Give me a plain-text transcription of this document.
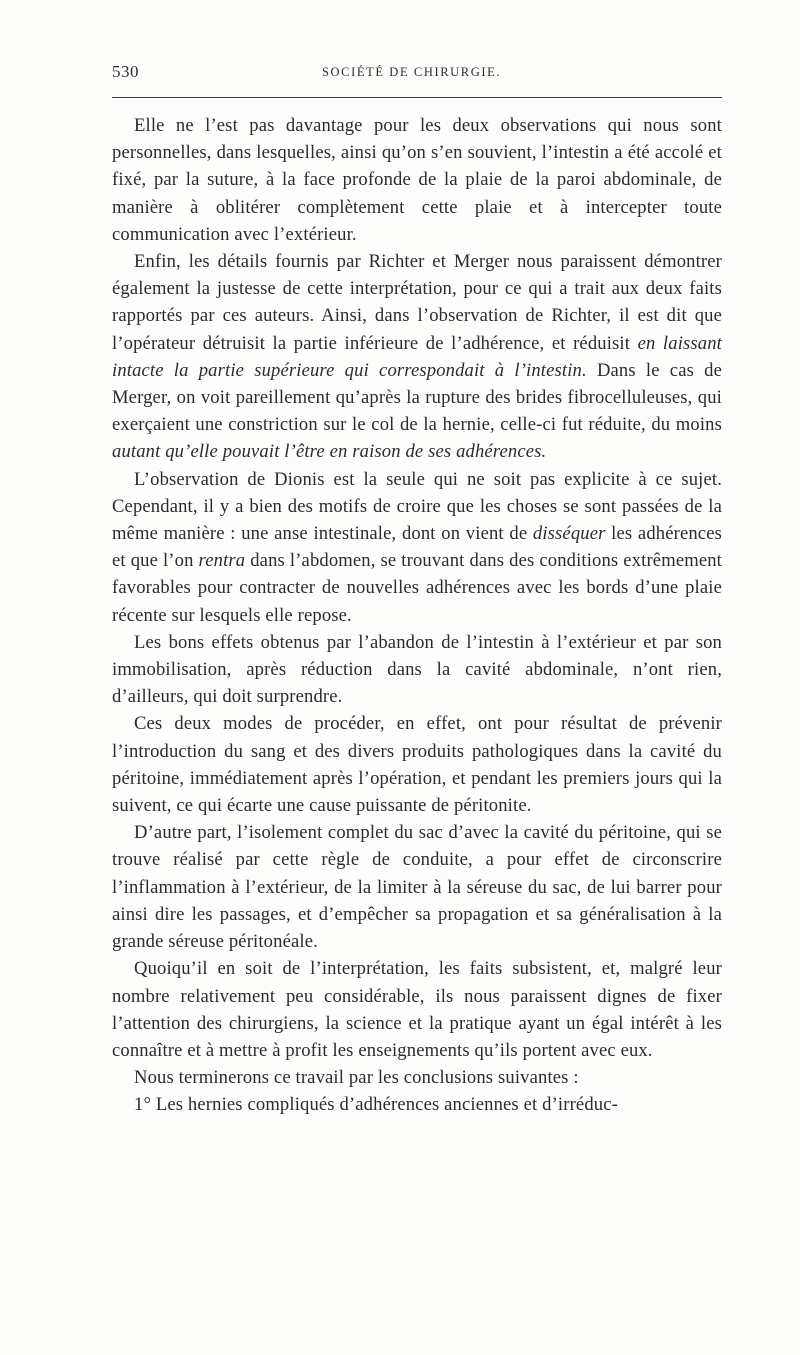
530	SOCIÉTÉ DE CHIRURGIE.

Elle ne l’est pas davantage pour les deux observations qui nous sont personnelles, dans lesquelles, ainsi qu’on s’en souvient, l’intestin a été accolé et fixé, par la suture, à la face profonde de la plaie de la paroi abdominale, de manière à oblitérer complètement cette plaie et à intercepter toute communication avec l’extérieur.

Enfin, les détails fournis par Richter et Merger nous paraissent démontrer également la justesse de cette interprétation, pour ce qui a trait aux deux faits rapportés par ces auteurs. Ainsi, dans l’observation de Richter, il est dit que l’opérateur détruisit la partie inférieure de l’adhérence, et réduisit en laissant intacte la partie supérieure qui correspondait à l’intestin. Dans le cas de Merger, on voit pareillement qu’après la rupture des brides fibrocelluleuses, qui exerçaient une constriction sur le col de la hernie, celle-ci fut réduite, du moins autant qu’elle pouvait l’être en raison de ses adhérences.

L’observation de Dionis est la seule qui ne soit pas explicite à ce sujet. Cependant, il y a bien des motifs de croire que les choses se sont passées de la même manière : une anse intestinale, dont on vient de disséquer les adhérences et que l’on rentra dans l’abdomen, se trouvant dans des conditions extrêmement favorables pour contracter de nouvelles adhérences avec les bords d’une plaie récente sur lesquels elle repose.

Les bons effets obtenus par l’abandon de l’intestin à l’extérieur et par son immobilisation, après réduction dans la cavité abdominale, n’ont rien, d’ailleurs, qui doit surprendre.

Ces deux modes de procéder, en effet, ont pour résultat de prévenir l’introduction du sang et des divers produits pathologiques dans la cavité du péritoine, immédiatement après l’opération, et pendant les premiers jours qui la suivent, ce qui écarte une cause puissante de péritonite.

D’autre part, l’isolement complet du sac d’avec la cavité du péritoine, qui se trouve réalisé par cette règle de conduite, a pour effet de circonscrire l’inflammation à l’extérieur, de la limiter à la séreuse du sac, de lui barrer pour ainsi dire les passages, et d’empêcher sa propagation et sa généralisation à la grande séreuse péritonéale.

Quoiqu’il en soit de l’interprétation, les faits subsistent, et, malgré leur nombre relativement peu considérable, ils nous paraissent dignes de fixer l’attention des chirurgiens, la science et la pratique ayant un égal intérêt à les connaître et à mettre à profit les enseignements qu’ils portent avec eux.

Nous terminerons ce travail par les conclusions suivantes :

1° Les hernies compliqués d’adhérences anciennes et d’irréduc-
